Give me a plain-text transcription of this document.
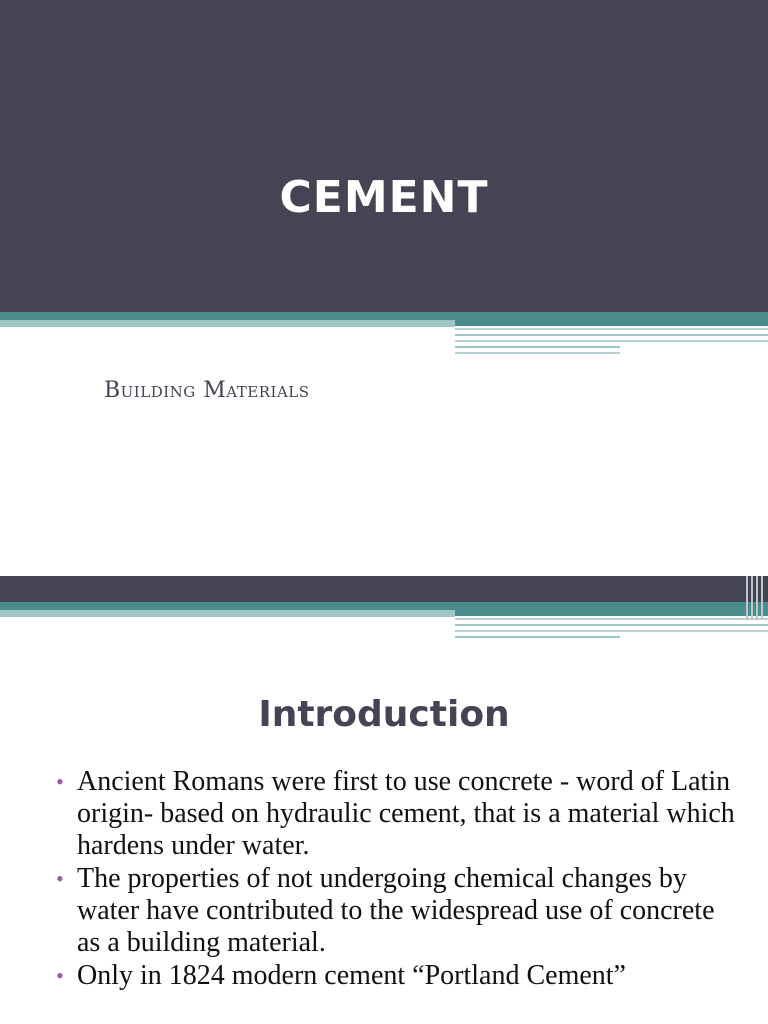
CEMENT
Building Materials
Introduction
• Ancient Romans were first to use concrete - word of Latin origin- based on hydraulic cement, that is a material which hardens under water.
• The properties of not undergoing chemical changes by water have contributed to the widespread use of concrete as a building material.
• Only in 1824 modern cement “Portland Cement”
